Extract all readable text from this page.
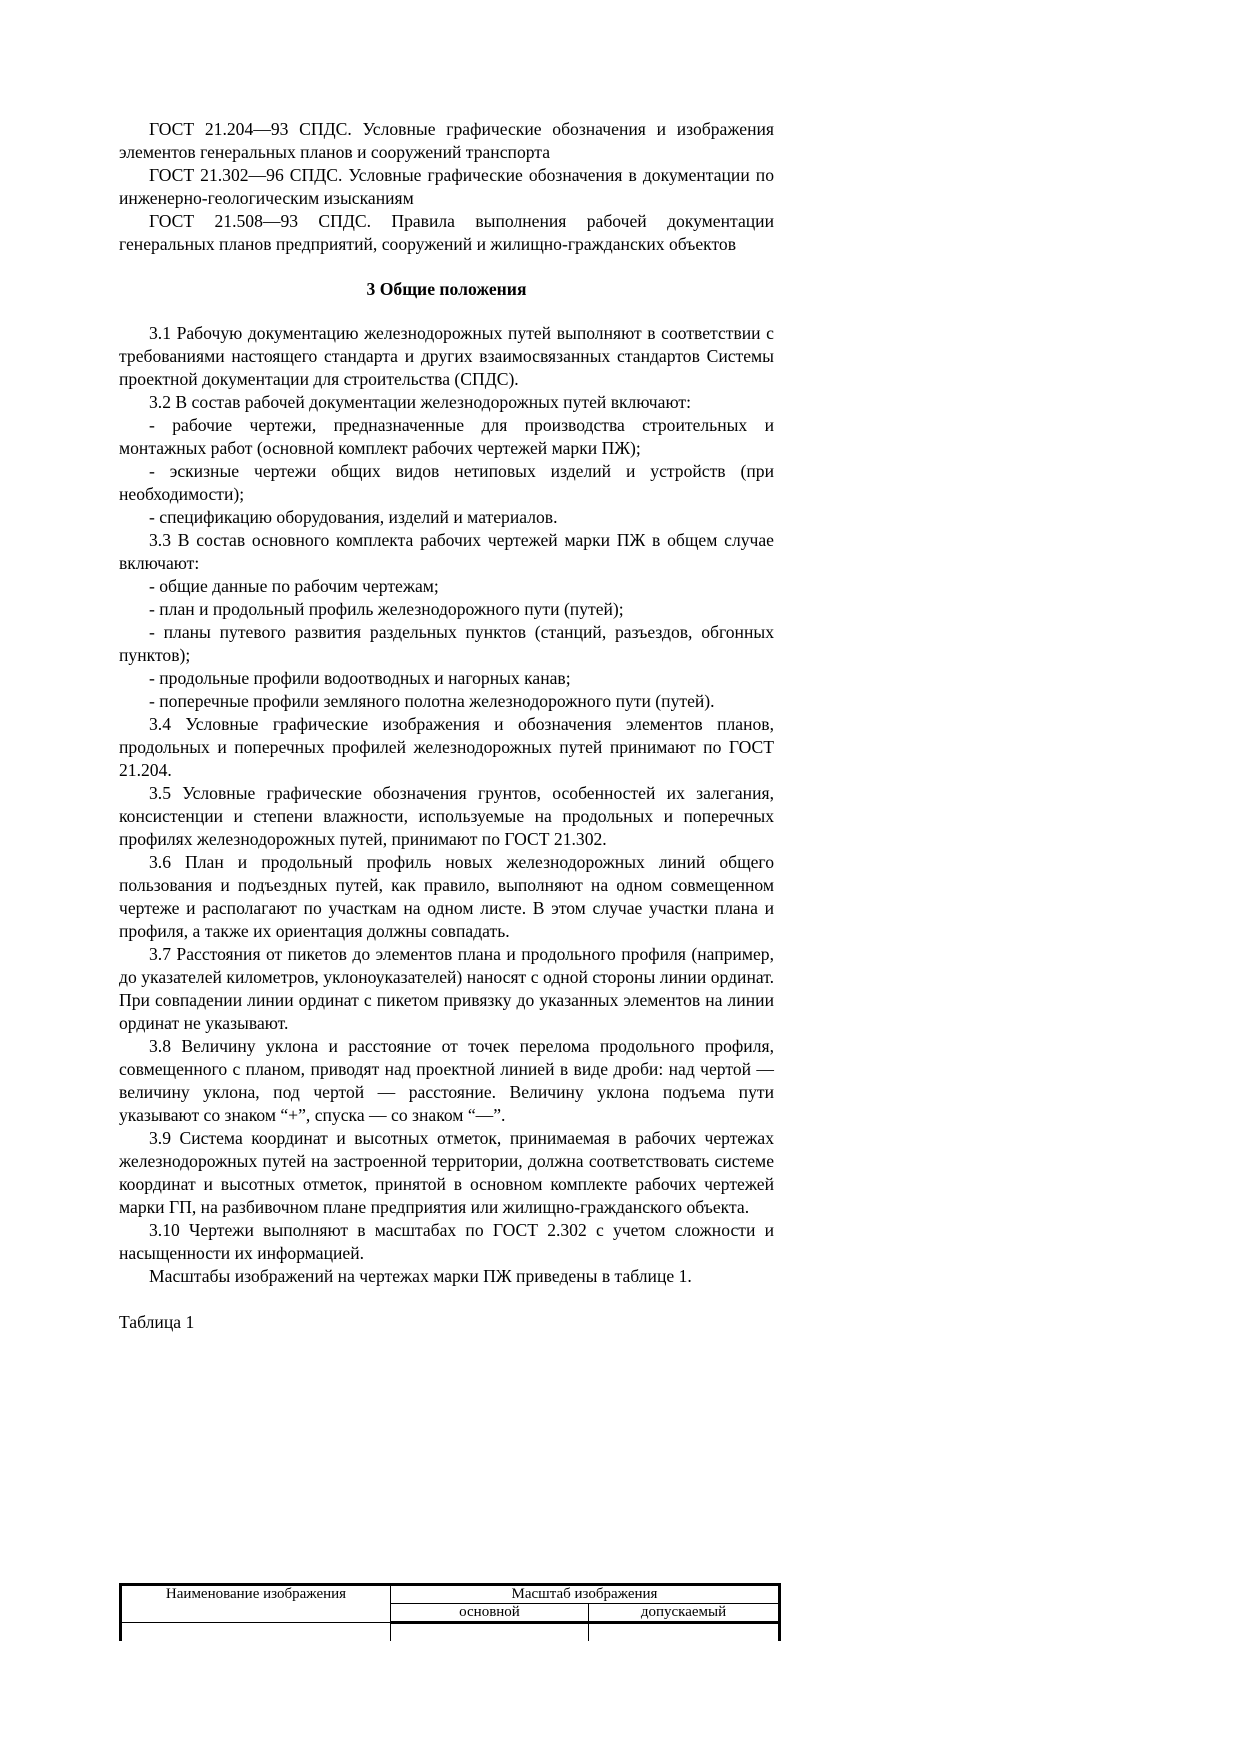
ГОСТ 21.204—93 СПДС. Условные графические обозначения и изображения элементов генеральных планов и сооружений транспорта

ГОСТ 21.302—96 СПДС. Условные графические обозначения в документации по инженерно-геологическим изысканиям

ГОСТ 21.508—93 СПДС. Правила выполнения рабочей документации генеральных планов предприятий, сооружений и жилищно-гражданских объектов

3 Общие положения

3.1 Рабочую документацию железнодорожных путей выполняют в соответствии с требованиями настоящего стандарта и других взаимосвязанных стандартов Системы проектной документации для строительства (СПДС).

3.2 В состав рабочей документации железнодорожных путей включают:

- рабочие чертежи, предназначенные для производства строительных и монтажных работ (основной комплект рабочих чертежей марки ПЖ);

- эскизные чертежи общих видов нетиповых изделий и устройств (при необходимости);

- спецификацию оборудования, изделий и материалов.

3.3 В состав основного комплекта рабочих чертежей марки ПЖ в общем случае включают:

- общие данные по рабочим чертежам;

- план и продольный профиль железнодорожного пути (путей);

- планы путевого развития раздельных пунктов (станций, разъездов, обгонных пунктов);

- продольные профили водоотводных и нагорных канав;

- поперечные профили земляного полотна железнодорожного пути (путей).

3.4 Условные графические изображения и обозначения элементов планов, продольных и поперечных профилей железнодорожных путей принимают по ГОСТ 21.204.

3.5 Условные графические обозначения грунтов, особенностей их залегания, консистенции и степени влажности, используемые на продольных и поперечных профилях железнодорожных путей, принимают по ГОСТ 21.302.

3.6 План и продольный профиль новых железнодорожных линий общего пользования и подъездных путей, как правило, выполняют на одном совмещенном чертеже и располагают по участкам на одном листе. В этом случае участки плана и профиля, а также их ориентация должны совпадать.

3.7 Расстояния от пикетов до элементов плана и продольного профиля (например, до указателей километров, уклоноуказателей) наносят с одной стороны линии ординат. При совпадении линии ординат с пикетом привязку до указанных элементов на линии ординат не указывают.

3.8 Величину уклона и расстояние от точек перелома продольного профиля, совмещенного с планом, приводят над проектной линией в виде дроби: над чертой — величину уклона, под чертой — расстояние. Величину уклона подъема пути указывают со знаком “+”, спуска — со знаком “—”.

3.9 Система координат и высотных отметок, принимаемая в рабочих чертежах железнодорожных путей на застроенной территории, должна соответствовать системе координат и высотных отметок, принятой в основном комплекте рабочих чертежей марки ГП, на разбивочном плане предприятия или жилищно-гражданского объекта.

3.10 Чертежи выполняют в масштабах по ГОСТ 2.302 с учетом сложности и насыщенности их информацией.

Масштабы изображений на чертежах марки ПЖ приведены в таблице 1.

Таблица 1

Наименование изображения	Масштаб изображения	
	основной	допускаемый
